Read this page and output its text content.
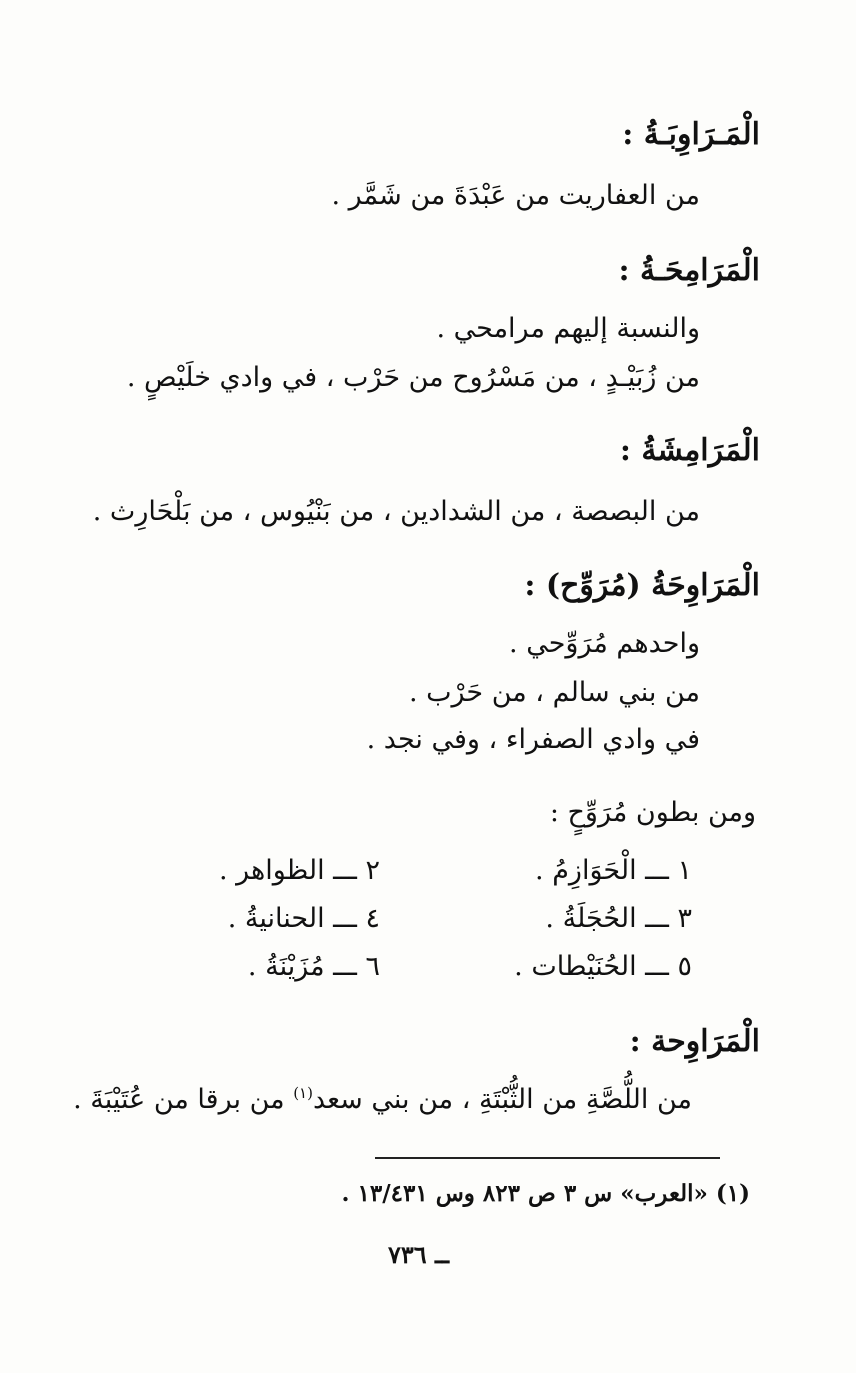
الْمَـرَاوِبَـةُ :
من العفاريت من عَبْدَةَ من شَمَّر .
الْمَرَامِحَـةُ :
والنسبة إليهم مرامحي .
من زُبَيْـدٍ ، من مَسْرُوح من حَرْب ، في وادي خلَيْصٍ .
الْمَرَامِشَةُ :
من البصصة ، من الشدادين ، من بَنْيُوس ، من بَلْحَارِث .
الْمَرَاوِحَةُ (مُرَوِّح) :
واحدهم مُرَوِّحي .
من بني سالم ، من حَرْب .
في وادي الصفراء ، وفي نجد .
ومن بطون مُرَوِّحٍ :
١ ـــ الْحَوَازِمُ .
٢ ـــ الظواهر .
٣ ـــ الحُجَلَةُ .
٤ ـــ الحنانيةُ .
٥ ـــ الحُنَيْطات .
٦ ـــ مُزَيْنَةُ .
الْمَرَاوِحة :
من اللُّصَّةِ من الثُّبْتَةِ ، من بني سعد$^{(١)}$ من برقا من عُتَيْبَةَ .
(١) «العرب» س ٣ ص ٨٢٣ وس ١٣/٤٣١ .
ــ ٧٣٦
